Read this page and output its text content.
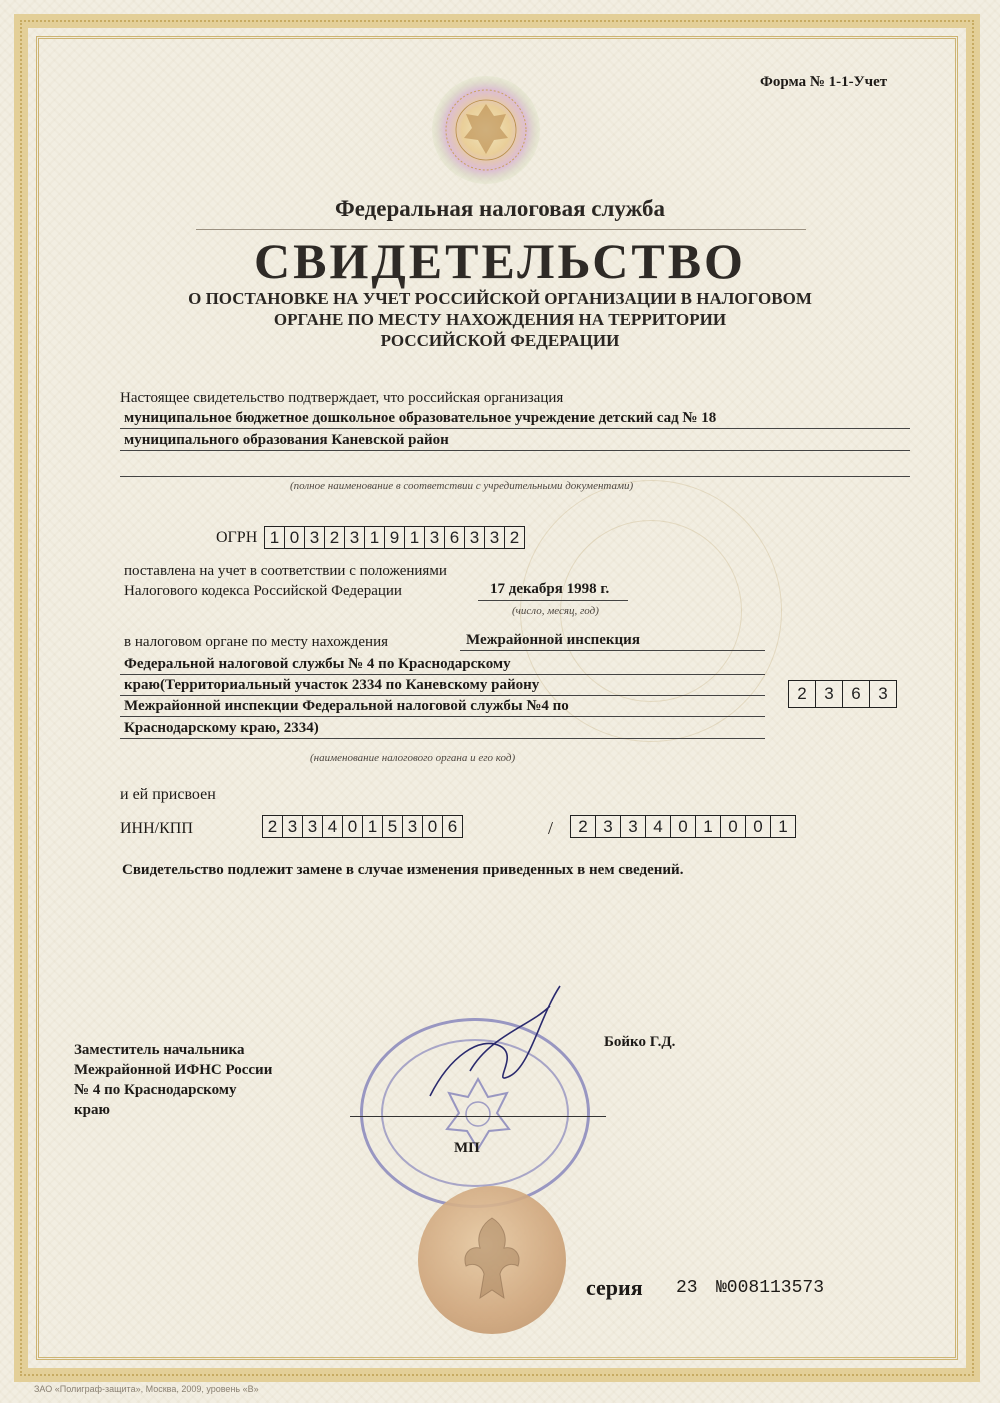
Форма № 1-1-Учет
Федеральная налоговая служба
СВИДЕТЕЛЬСТВО
О ПОСТАНОВКЕ НА УЧЕТ РОССИЙСКОЙ ОРГАНИЗАЦИИ В НАЛОГОВОМ
ОРГАНЕ ПО МЕСТУ НАХОЖДЕНИЯ НА ТЕРРИТОРИИ
РОССИЙСКОЙ ФЕДЕРАЦИИ
Настоящее свидетельство подтверждает, что российская организация
муниципальное бюджетное дошкольное образовательное учреждение детский сад № 18
муниципального образования Каневской район
(полное наименование в соответствии с учредительными документами)
ОГРН 1 0 3 2 3 1 9 1 3 6 3 3 2
поставлена на учет в соответствии с положениями
Налогового кодекса Российской Федерации	17 декабря 1998 г.
(число, месяц, год)
в налоговом органе по месту нахождения	Межрайонной инспекция
Федеральной налоговой службы № 4 по Краснодарскому
краю(Территориальный участок 2334 по Каневскому району
Межрайонной инспекции Федеральной налоговой службы №4 по
Краснодарскому краю, 2334)
(наименование налогового органа и его код)
2	3	6	3
и ей присвоен
ИНН/КПП	2 3 3 4 0 1 5 3 0 6	/	2 3 3 4 0 1 0 0 1
Свидетельство подлежит замене в случае изменения приведенных в нем сведений.
Заместитель начальника
Межрайонной ИФНС России
№ 4 по Краснодарскому
краю
МП
Бойко Г.Д.
серия 23 №008113573
ЗАО «Полиграф-защита», Москва, 2009, уровень «В»
